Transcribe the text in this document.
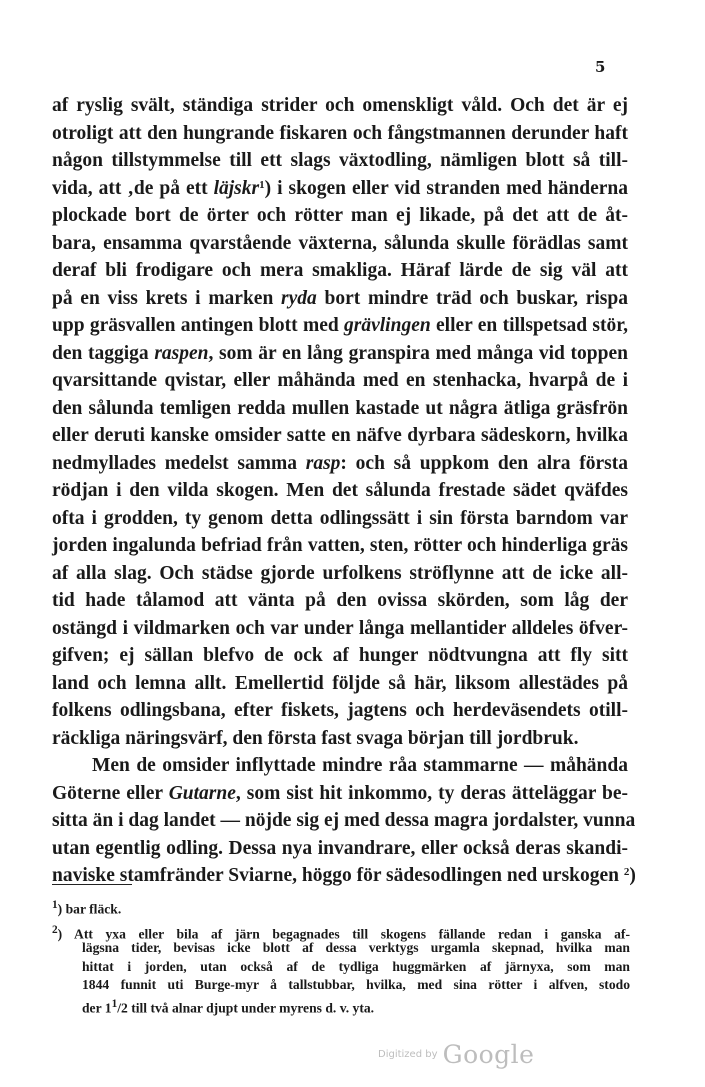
5
af ryslig svält, ständiga strider och omenskligt våld. Och det är ej
otroligt att den hungrande fiskaren och fångstmannen derunder haft
någon tillstymmelse till ett slags växtodling, nämligen blott så till-
vida, att ‚de på ett läjskr$^1$) i skogen eller vid stranden med händerna
plockade bort de örter och rötter man ej likade, på det att de åt-
bara, ensamma qvarstående växterna, sålunda skulle förädlas samt
deraf bli frodigare och mera smakliga. Häraf lärde de sig väl att
på en viss krets i marken ryda bort mindre träd och buskar, rispa
upp gräsvallen antingen blott med grävlingen eller en tillspetsad stör,
den taggiga raspen, som är en lång granspira med många vid toppen
qvarsittande qvistar, eller måhända med en stenhacka, hvarpå de i
den sålunda temligen redda mullen kastade ut några ätliga gräsfrön
eller deruti kanske omsider satte en näfve dyrbara sädeskorn, hvilka
nedmyllades medelst samma rasp: och så uppkom den alra första
rödjan i den vilda skogen. Men det sålunda frestade sädet qväfdes
ofta i grodden, ty genom detta odlingssätt i sin första barndom var
jorden ingalunda befriad från vatten, sten, rötter och hinderliga gräs
af alla slag. Och städse gjorde urfolkens ströflynne att de icke all-
tid hade tålamod att vänta på den ovissa skörden, som låg der
ostängd i vildmarken och var under långa mellantider alldeles öfver-
gifven; ej sällan blefvo de ock af hunger nödtvungna att fly sitt
land och lemna allt. Emellertid följde så här, liksom allestädes på
folkens odlingsbana, efter fiskets, jagtens och herdeväsendets otill-
räckliga näringsvärf, den första fast svaga början till jordbruk.
Men de omsider inflyttade mindre råa stammarne — måhända
Göterne eller Gutarne, som sist hit inkommo, ty deras ätteläggar be-
sitta än i dag landet — nöjde sig ej med dessa magra jordalster, vunna
utan egentlig odling. Dessa nya invandrare, eller också deras skandi-
naviske stamfränder Sviarne, höggo för sädesodlingen ned urskogen $^2$)
$^1$) bar fläck.
$^2$) Att yxa eller bila af järn begagnades till skogens fällande redan i ganska af-
lägsna tider, bevisas icke blott af dessa verktygs urgamla skepnad, hvilka man
hittat i jorden, utan också af de tydliga huggmärken af järnyxa, som man
1844 funnit uti Burge-myr å tallstubbar, hvilka, med sina rötter i alfven, stodo
der $1^1/2$ till två alnar djupt under myrens d. v. yta.
Digitized by Google
